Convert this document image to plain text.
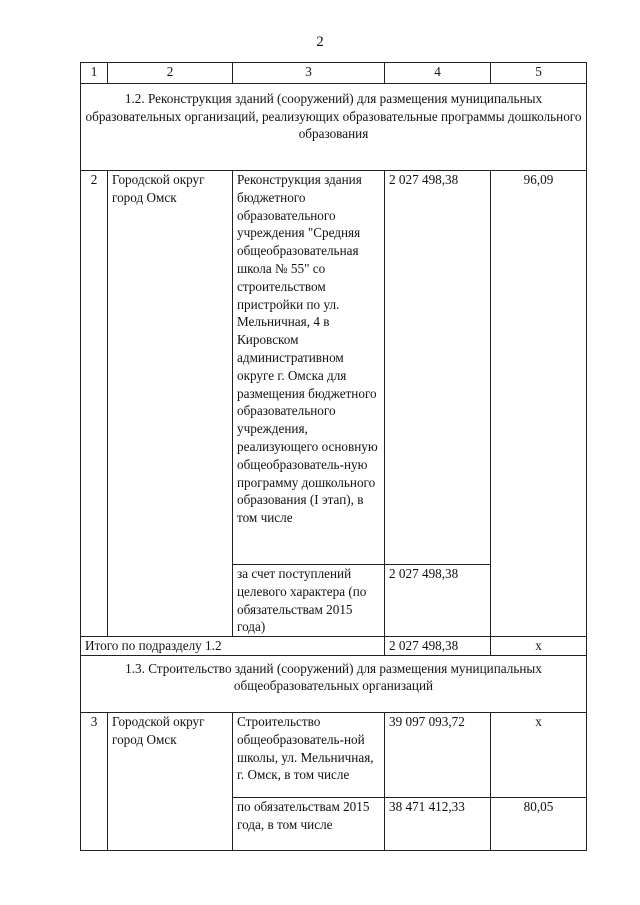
2
1	2	3	4	5
1.2. Реконструкция зданий (сооружений) для размещения муниципальных образовательных организаций, реализующих образовательные программы дошкольного образования				
2	Городской округ город Омск	Реконструкция здания бюджетного образовательного учреждения "Средняя общеобразовательная школа № 55" со строительством пристройки по ул. Мельничная, 4 в Кировском административном округе г. Омска для размещения бюджетного образовательного учреждения, реализующего основную общеобразователь-ную программу дошкольного образования (I этап), в том числе	2 027 498,38	96,09
		за счет поступлений целевого характера (по обязательствам 2015 года)	2 027 498,38	
Итого по подразделу 1.2			2 027 498,38	x
1.3. Строительство зданий (сооружений) для размещения муниципальных общеобразовательных организаций				
3	Городской округ город Омск	Строительство общеобразователь-ной школы, ул. Мельничная, г. Омск, в том числе	39 097 093,72	x
		по обязательствам 2015 года, в том числе	38 471 412,33	80,05
